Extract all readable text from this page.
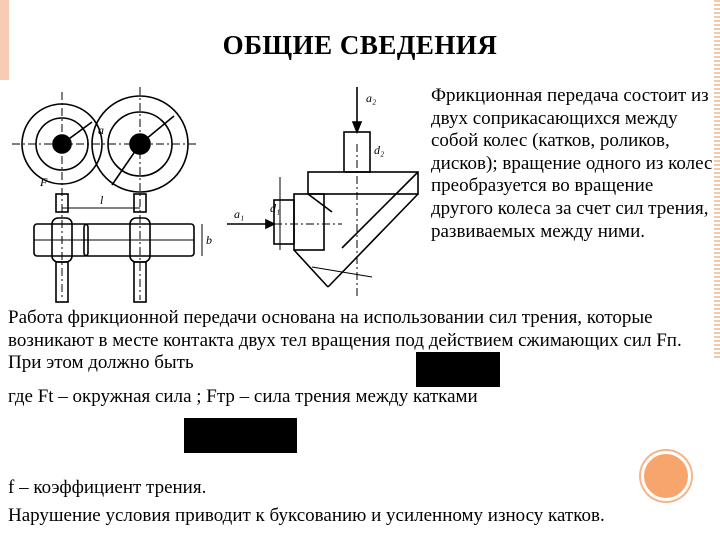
ОБЩИЕ СВЕДЕНИЯ
a
l
b
F
a₁
a₂
d₁
d₂
Фрикционная передача состоит из двух соприкасающихся между собой колес (катков, роликов, дисков); вращение одного из колес преобразуется во вращение другого колеса за счет сил трения, развиваемых между ними.
Работа фрикционной передачи основана на использовании сил трения, которые возникают в месте контакта двух тел вращения под действием сжимающих сил Fп. При этом должно быть
где Ft – окружная сила ; Fтр – сила трения между катками
f – коэффициент трения.
Нарушение условия приводит к буксованию и усиленному износу катков.
